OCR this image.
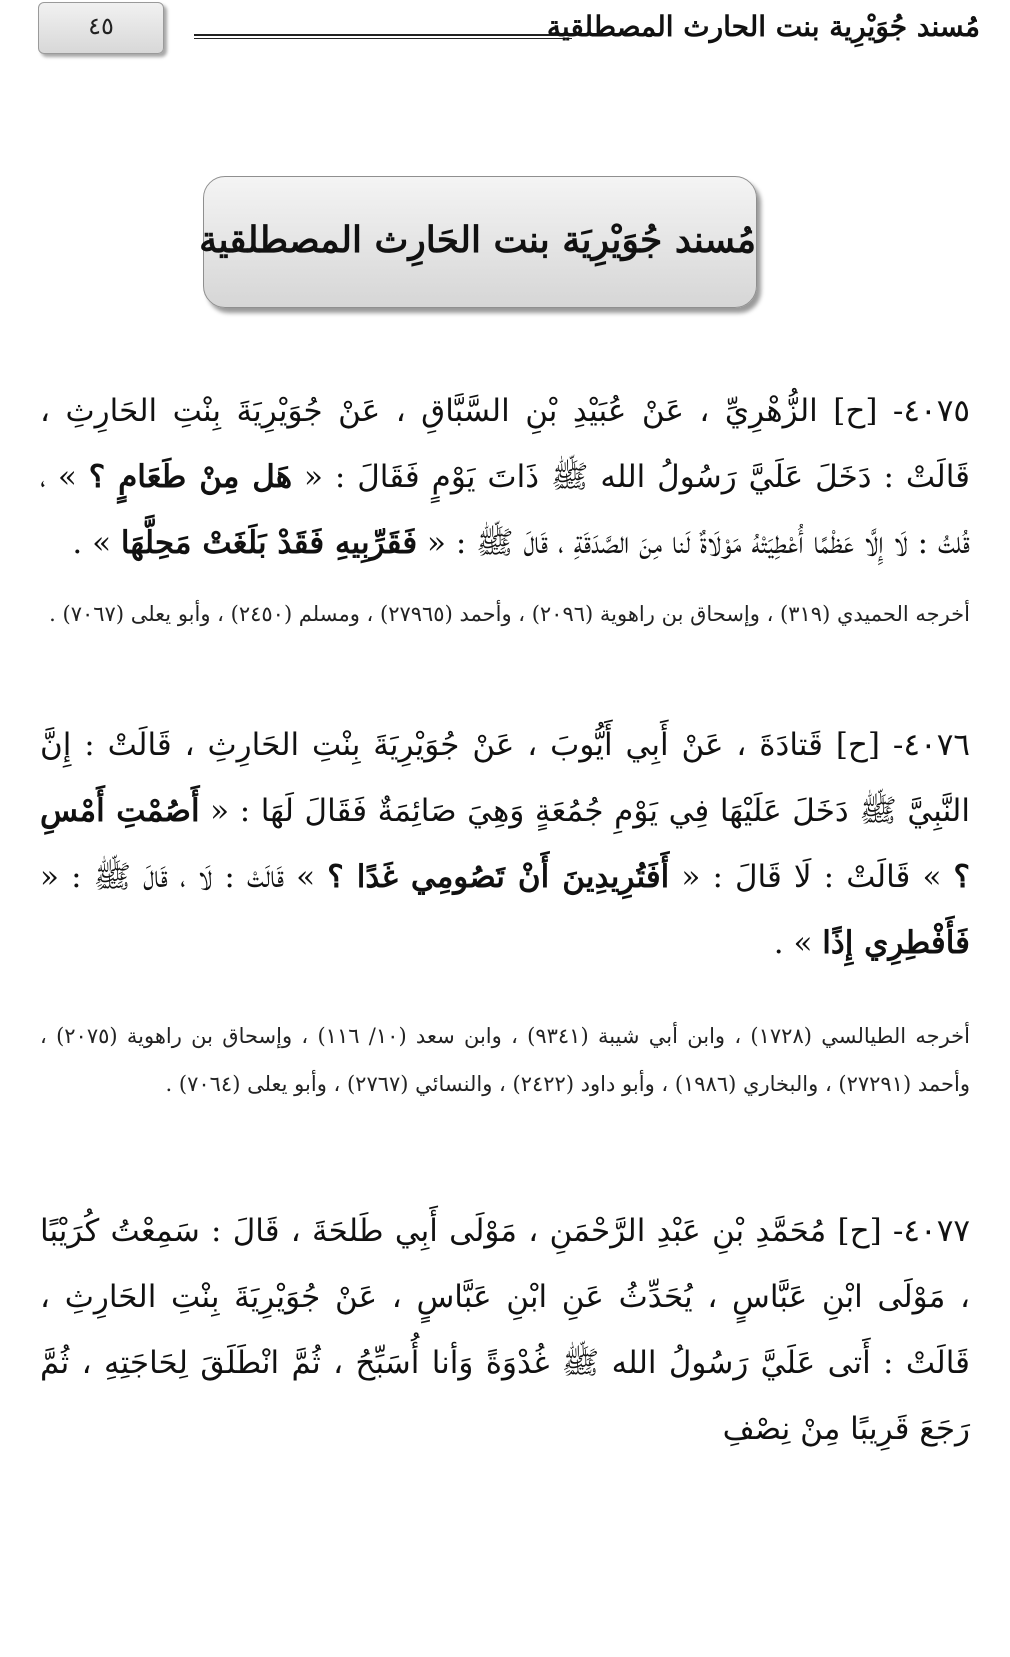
٤٥	مُسند جُوَيْرِية بنت الحارث المصطلقية
مُسند جُوَيْرِيَة بنت الحَارِث المصطلقية
٤٠٧٥- [ح] الزُّهْرِيِّ ، عَنْ عُبَيْدِ بْنِ السَّبَّاقِ ، عَنْ جُوَيْرِيَةَ بِنْتِ الحَارِثِ ، قَالَتْ : دَخَلَ عَلَيَّ رَسُولُ الله ﷺ ذَاتَ يَوْمٍ فَقَالَ : « هَل مِنْ طَعَامٍ ؟ » ، قُلتُ : لَا إِلَّا عَظْمًا أُعْطِيَتْهُ مَوْلَاةٌ لَنا مِنَ الصَّدَقَةِ ، قَالَ ﷺ : « فَقَرِّبِيهِ فَقَدْ بَلَغَتْ مَحِلَّهَا » .
أخرجه الحميدي (٣١٩) ، وإسحاق بن راهوية (٢٠٩٦) ، وأحمد (٢٧٩٦٥) ، ومسلم (٢٤٥٠) ، وأبو يعلى (٧٠٦٧) .
٤٠٧٦- [ح] قَتادَةَ ، عَنْ أَبِي أَيُّوبَ ، عَنْ جُوَيْرِيَةَ بِنْتِ الحَارِثِ ، قَالَتْ : إِنَّ النَّبِيَّ ﷺ دَخَلَ عَلَيْهَا فِي يَوْمِ جُمُعَةٍ وَهِيَ صَائِمَةٌ فَقَالَ لَهَا : « أَصُمْتِ أَمْسِ ؟ » قَالَتْ : لَا قَالَ : « أَفَتُرِيدِينَ أَنْ تَصُومِي غَدًا ؟ » قَالَتْ : لَا ، قَالَ ﷺ : « فَأَفْطِرِي إِذًا » .
أخرجه الطيالسي (١٧٢٨) ، وابن أبي شيبة (٩٣٤١) ، وابن سعد (١٠/ ١١٦) ، وإسحاق بن راهوية (٢٠٧٥) ، وأحمد (٢٧٢٩١) ، والبخاري (١٩٨٦) ، وأبو داود (٢٤٢٢) ، والنسائي (٢٧٦٧) ، وأبو يعلى (٧٠٦٤) .
٤٠٧٧- [ح] مُحَمَّدِ بْنِ عَبْدِ الرَّحْمَنِ ، مَوْلَى أَبِي طَلحَةَ ، قَالَ : سَمِعْتُ كُرَيْبًا ، مَوْلَى ابْنِ عَبَّاسٍ ، يُحَدِّثُ عَنِ ابْنِ عَبَّاسٍ ، عَنْ جُوَيْرِيَةَ بِنْتِ الحَارِثِ ، قَالَتْ : أَتى عَلَيَّ رَسُولُ الله ﷺ غُدْوَةً وَأنا أُسَبِّحُ ، ثُمَّ انْطَلَقَ لِحَاجَتِهِ ، ثُمَّ رَجَعَ قَرِيبًا مِنْ نِصْفِ
